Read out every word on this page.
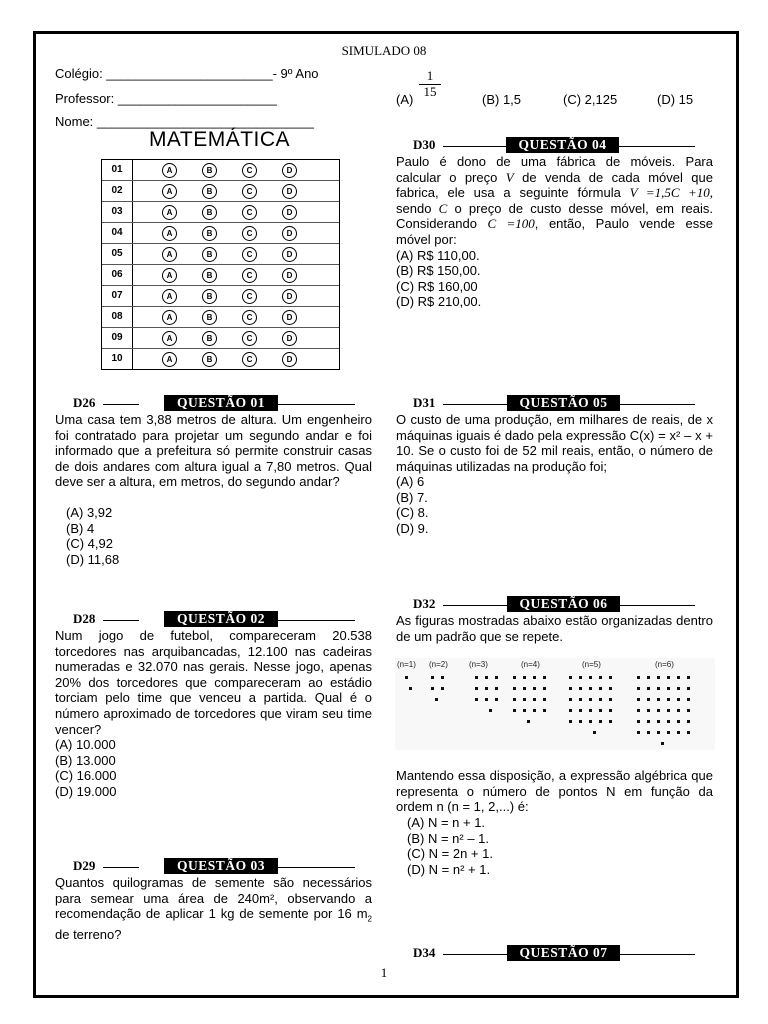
SIMULADO 08
Colégio: _______________________- 9º Ano
Professor: ______________________
Nome: ______________________________
MATEMÁTICA
01	A	B	C	D
02	A	B	C	D
03	A	B	C	D
04	A	B	C	D
05	A	B	C	D
06	A	B	C	D
07	A	B	C	D
08	A	B	C	D
09	A	B	C	D
10	A	B	C	D
$\frac{1}{15}$
(A)	(B) 1,5	(C) 2,125	(D) 15
D26	QUESTÃO 01
Uma casa tem 3,88 metros de altura. Um engenheiro foi contratado para projetar um segundo andar e foi informado que a prefeitura só permite construir casas de dois andares com altura igual a 7,80 metros. Qual deve ser a altura, em metros, do segundo andar?
(A) 3,92
(B) 4
(C) 4,92
(D) 11,68
D28	QUESTÃO 02
Num jogo de futebol, compareceram 20.538 torcedores nas arquibancadas, 12.100 nas cadeiras numeradas e 32.070 nas gerais. Nesse jogo, apenas 20% dos torcedores que compareceram ao estádio torciam pelo time que venceu a partida. Qual é o número aproximado de torcedores que viram seu time vencer?
(A) 10.000
(B) 13.000
(C) 16.000
(D) 19.000
D29	QUESTÃO 03
Quantos quilogramas de semente são necessários para semear uma área de 240m², observando a recomendação de aplicar 1 kg de semente por 16 $m_2$ de terreno?
D30	QUESTÃO 04
Paulo é dono de uma fábrica de móveis. Para
calcular o preço V de venda de cada móvel que
fabrica, ele usa a seguinte fórmula V =1,5C +10,
sendo C o preço de custo desse móvel, em reais.
Considerando C =100, então, Paulo vende esse
móvel por:
(A) R$ 110,00.
(B) R$ 150,00.
(C) R$ 160,00
(D) R$ 210,00.
D31	QUESTÃO 05
O custo de uma produção, em milhares de reais, de x máquinas iguais é dado pela expressão C(x) = x² – x + 10. Se o custo foi de 52 mil reais, então, o número de máquinas utilizadas na produção foi;
(A) 6
(B) 7.
(C) 8.
(D) 9.
D32	QUESTÃO 06
As figuras mostradas abaixo estão organizadas dentro de um padrão que se repete.
(n=1) (n=2)	(n=3)	(n=4)	(n=5)	(n=6)
Mantendo essa disposição, a expressão algébrica que representa o número de pontos N em função da ordem n (n = 1, 2,...) é:
(A) N = n + 1.
(B) N = n² – 1.
(C) N = 2n + 1.
(D) N = n² + 1.
D34	QUESTÃO 07
1
